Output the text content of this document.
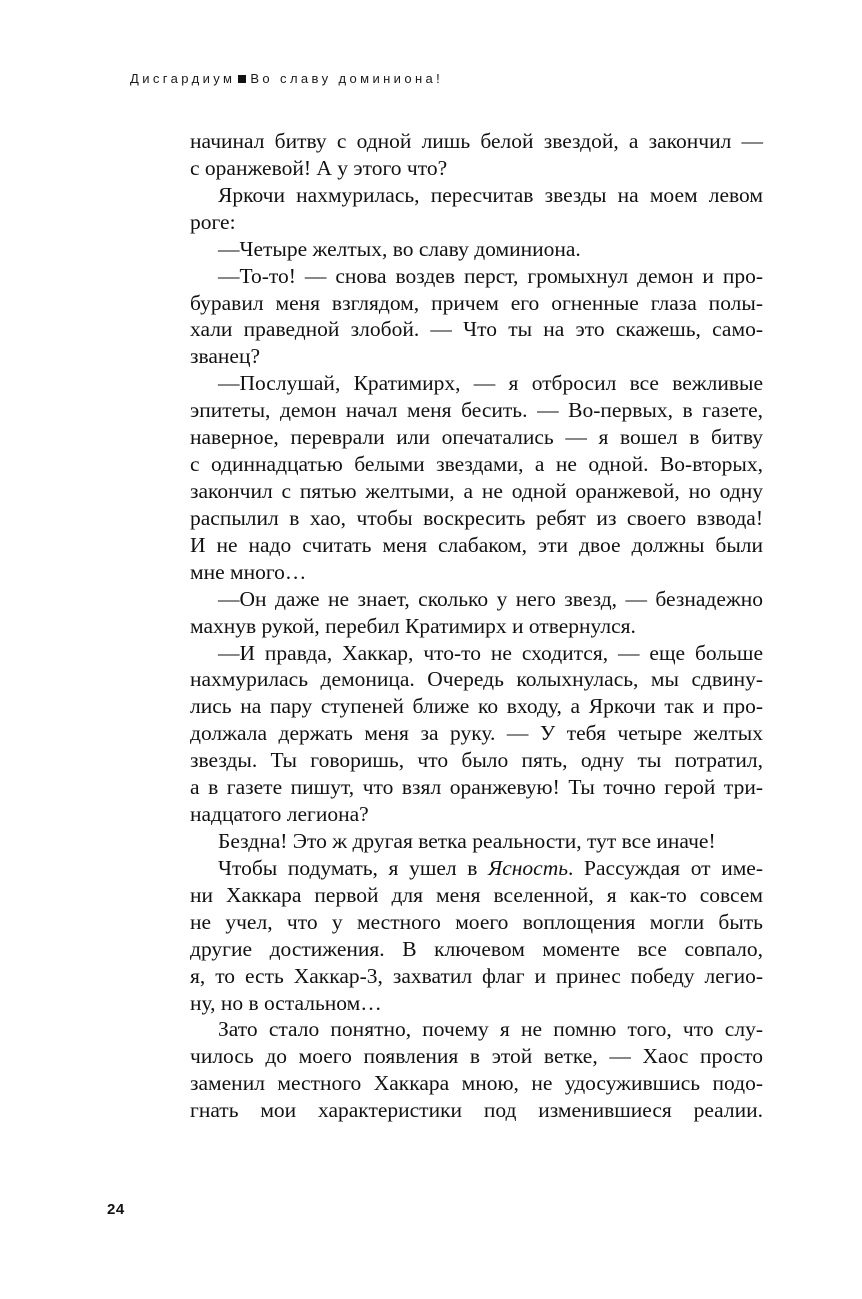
Дисгардиум Во славу доминиона!
начинал битву с одной лишь белой звездой, а закончил —
с оранжевой! А у этого что?
Яркочи нахмурилась, пересчитав звезды на моем левом
роге:
—Четыре желтых, во славу доминиона.
—То-то! — снова воздев перст, громыхнул демон и про-
буравил меня взглядом, причем его огненные глаза полы-
хали праведной злобой. — Что ты на это скажешь, само-
званец?
—Послушай, Кратимирх, — я отбросил все вежливые
эпитеты, демон начал меня бесить. — Во-первых, в газете,
наверное, переврали или опечатались — я вошел в битву
с одиннадцатью белыми звездами, а не одной. Во-вторых,
закончил с пятью желтыми, а не одной оранжевой, но одну
распылил в хао, чтобы воскресить ребят из своего взвода!
И не надо считать меня слабаком, эти двое должны были
мне много…
—Он даже не знает, сколько у него звезд, — безнадежно
махнув рукой, перебил Кратимирх и отвернулся.
—И правда, Хаккар, что-то не сходится, — еще больше
нахмурилась демоница. Очередь колыхнулась, мы сдвину-
лись на пару ступеней ближе ко входу, а Яркочи так и про-
должала держать меня за руку. — У тебя четыре желтых
звезды. Ты говоришь, что было пять, одну ты потратил,
а в газете пишут, что взял оранжевую! Ты точно герой три-
надцатого легиона?
Бездна! Это ж другая ветка реальности, тут все иначе!
Чтобы подумать, я ушел в Ясность. Рассуждая от име-
ни Хаккара первой для меня вселенной, я как-то совсем
не учел, что у местного моего воплощения могли быть
другие достижения. В ключевом моменте все совпало,
я, то есть Хаккар-3, захватил флаг и принес победу легио-
ну, но в остальном…
Зато стало понятно, почему я не помню того, что слу-
чилось до моего появления в этой ветке, — Хаос просто
заменил местного Хаккара мною, не удосужившись подо-
гнать мои характеристики под изменившиеся реалии.
24
